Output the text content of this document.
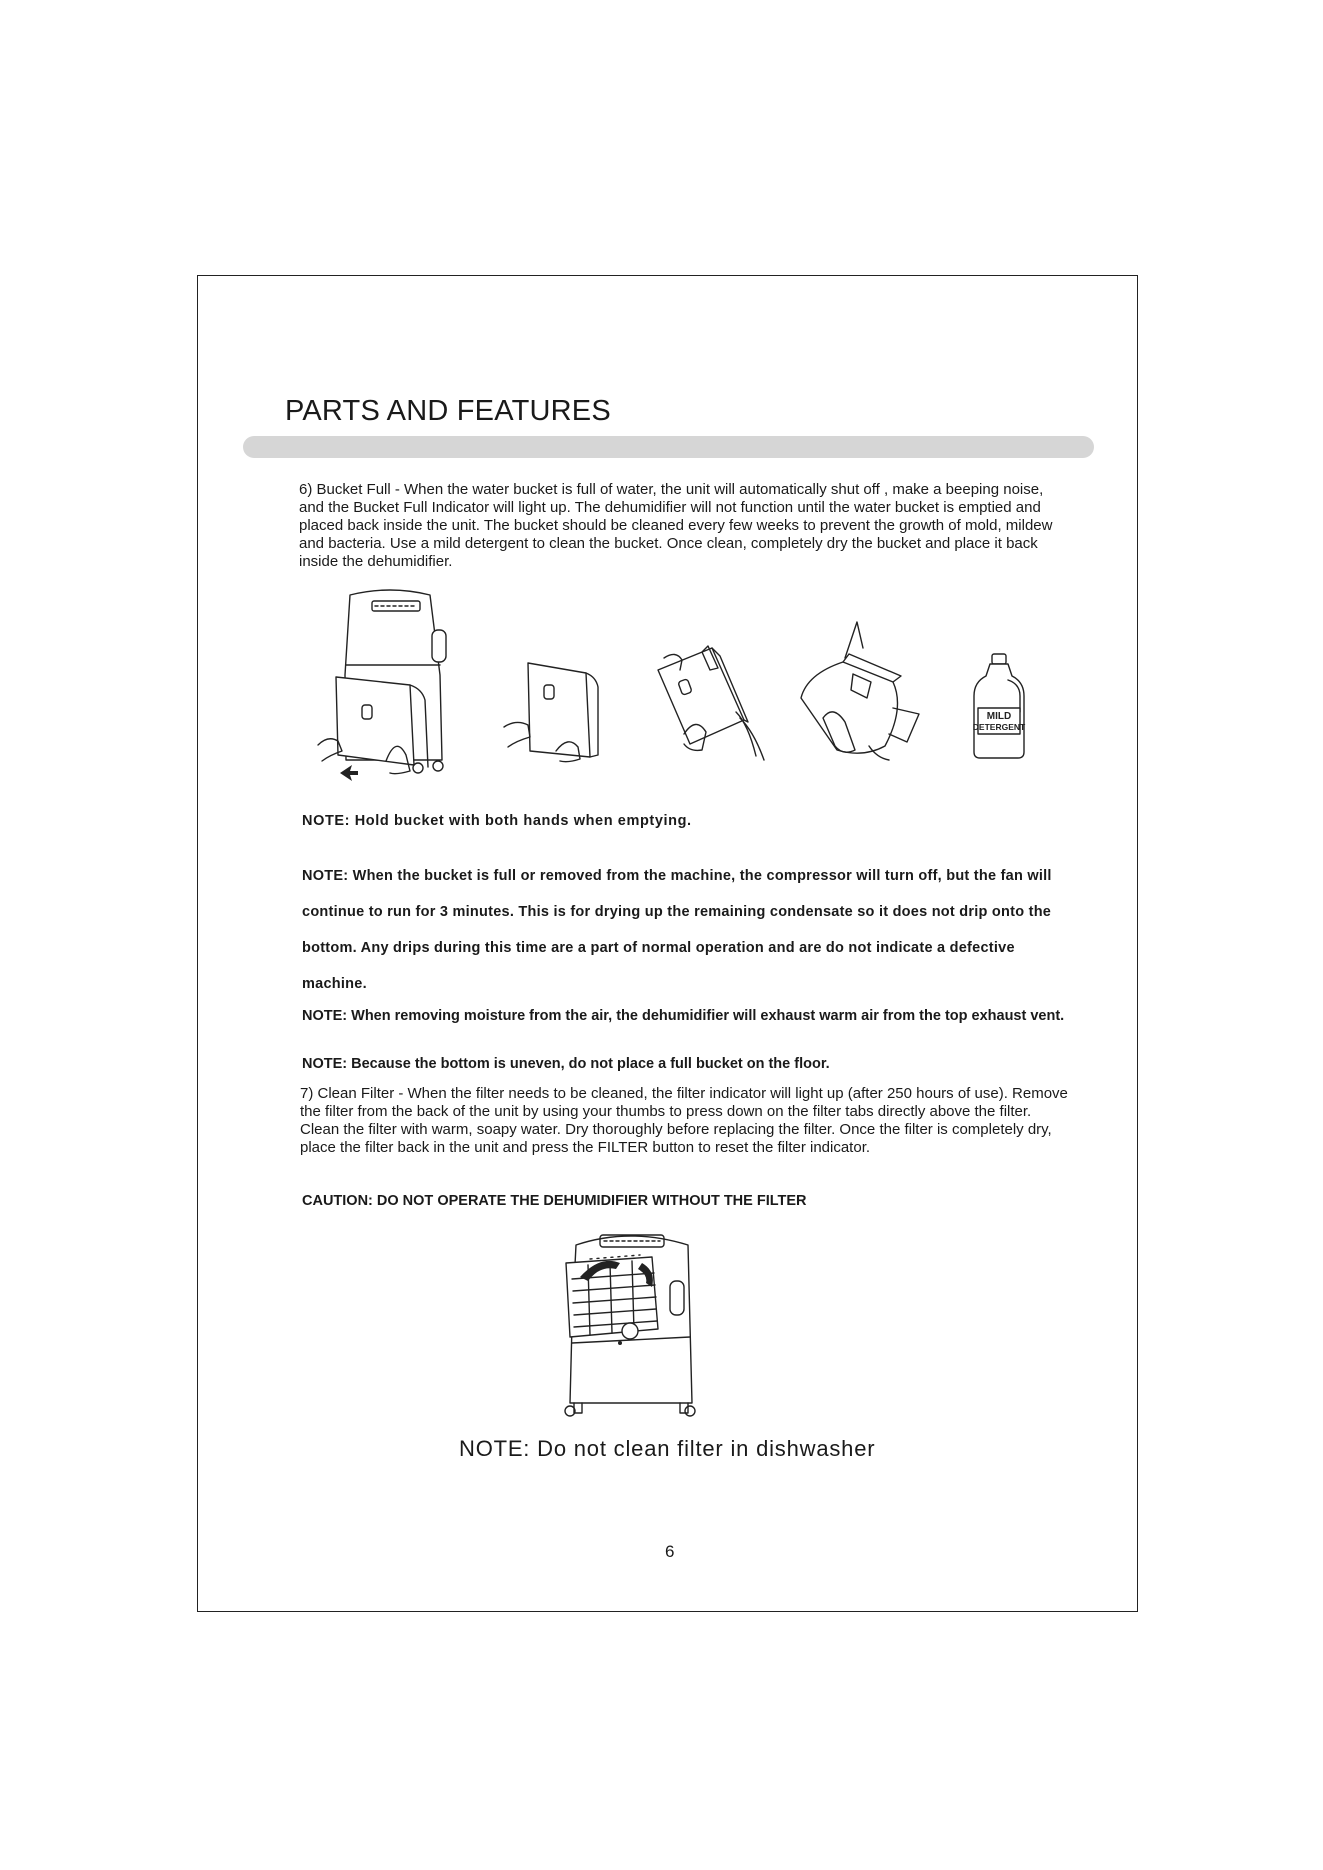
PARTS AND FEATURES
6) Bucket Full - When the water bucket is full of water, the unit will automatically shut off , make a beeping noise, and the Bucket Full Indicator will light up. The dehumidifier will not function until the water bucket is emptied and placed back inside the unit. The bucket should be cleaned every few weeks to prevent the growth of mold, mildew and bacteria. Use a mild detergent to clean the bucket. Once clean, completely dry the bucket and place it back inside the dehumidifier.
MILD
DETERGENT
NOTE: Hold bucket with both hands when emptying.
NOTE: When the bucket is full or removed from the machine, the compressor will turn off, but the fan will continue to run for 3 minutes. This is for drying up the remaining condensate so it does not drip onto the bottom. Any drips during this time are a part of normal operation and are do not indicate a defective machine.
NOTE: When removing moisture from the air, the dehumidifier will exhaust warm air from the top exhaust vent.
NOTE: Because the bottom is uneven, do not place a full bucket on the floor.
7) Clean Filter - When the filter needs to be cleaned, the filter indicator will light up (after 250 hours of use). Remove the filter from the back of the unit by using your thumbs to press down on the filter tabs directly above the filter. Clean the filter with warm, soapy water. Dry thoroughly before replacing the filter. Once the filter is completely dry, place the filter back in the unit and press the FILTER button to reset the filter indicator.
CAUTION: DO NOT OPERATE THE DEHUMIDIFIER WITHOUT THE FILTER
NOTE: Do not clean filter in dishwasher
6
